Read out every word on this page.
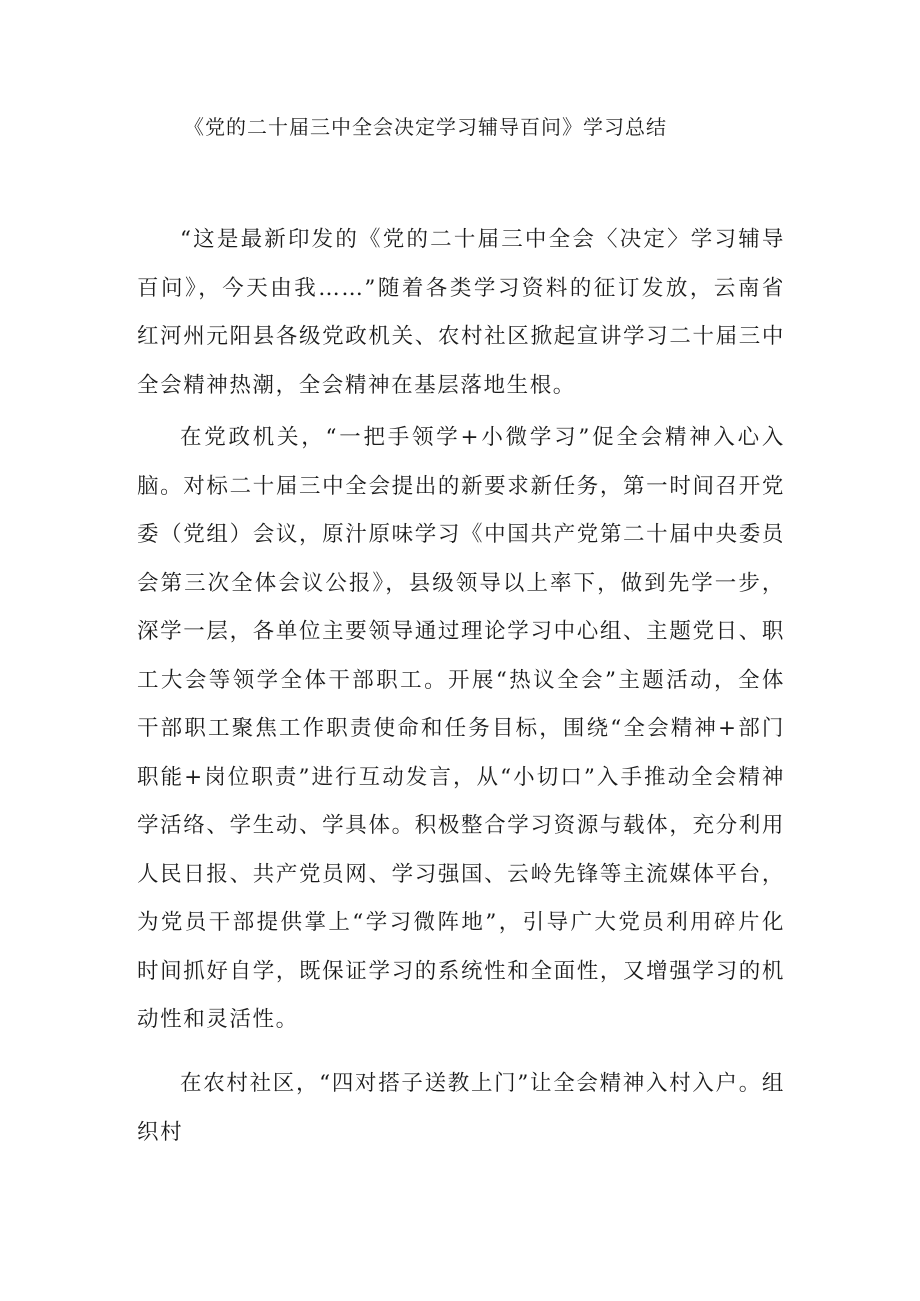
《党的二十届三中全会决定学习辅导百问》学习总结

“这是最新印发的《党的二十届三中全会〈决定〉学习辅导百问》，今天由我……”随着各类学习资料的征订发放，云南省红河州元阳县各级党政机关、农村社区掀起宣讲学习二十届三中全会精神热潮，全会精神在基层落地生根。

在党政机关，“一把手领学+小微学习”促全会精神入心入脑。对标二十届三中全会提出的新要求新任务，第一时间召开党委（党组）会议，原汁原味学习《中国共产党第二十届中央委员会第三次全体会议公报》，县级领导以上率下，做到先学一步，深学一层，各单位主要领导通过理论学习中心组、主题党日、职工大会等领学全体干部职工。开展“热议全会”主题活动，全体干部职工聚焦工作职责使命和任务目标，围绕“全会精神+部门职能+岗位职责”进行互动发言，从“小切口”入手推动全会精神学活络、学生动、学具体。积极整合学习资源与载体，充分利用人民日报、共产党员网、学习强国、云岭先锋等主流媒体平台，为党员干部提供掌上“学习微阵地”，引导广大党员利用碎片化时间抓好自学，既保证学习的系统性和全面性，又增强学习的机动性和灵活性。

在农村社区，“四对搭子送教上门”让全会精神入村入户。组织村
